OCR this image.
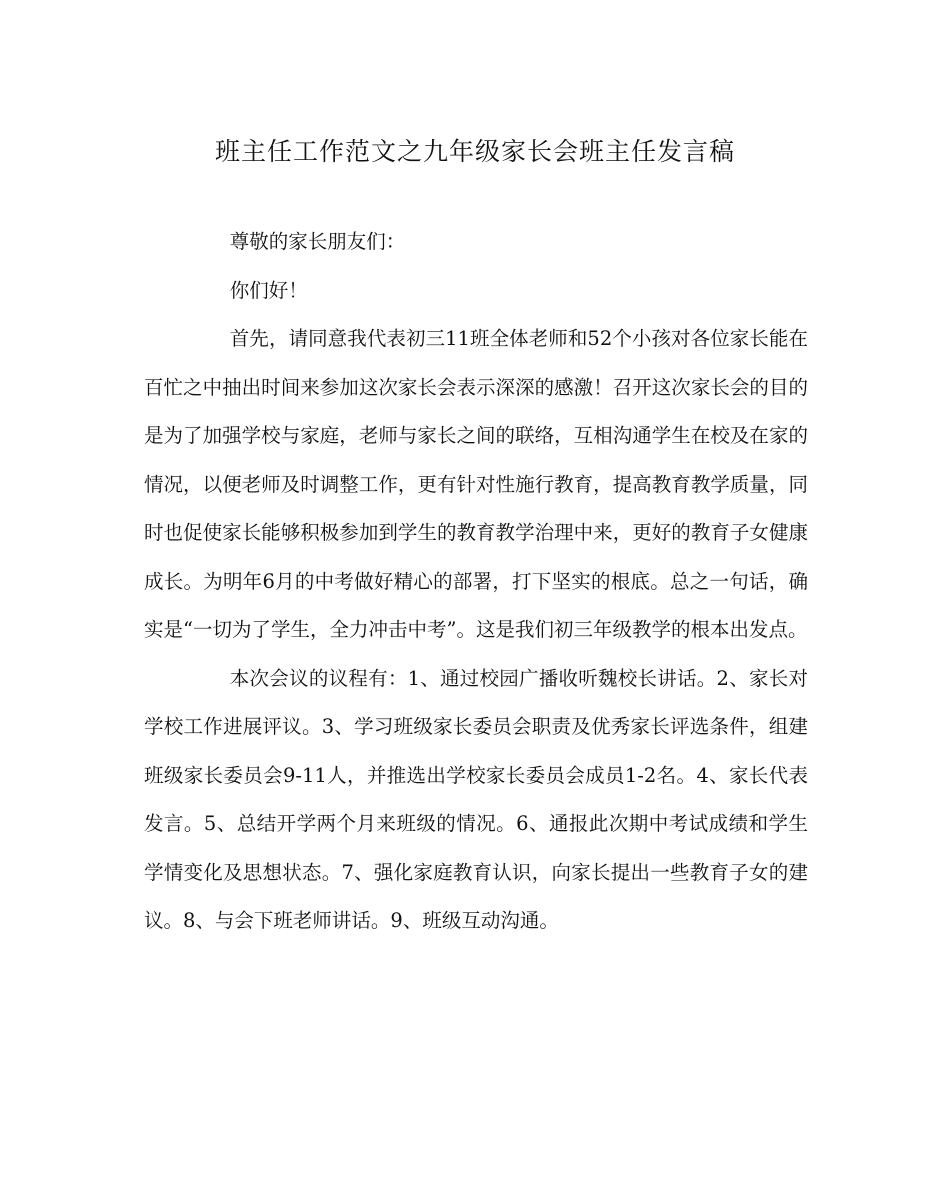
班主任工作范文之九年级家长会班主任发言稿

尊敬的家长朋友们：

你们好！

首先，请同意我代表初三11班全体老师和52个小孩对各位家长能在百忙之中抽出时间来参加这次家长会表示深深的感激！召开这次家长会的目的是为了加强学校与家庭，老师与家长之间的联络，互相沟通学生在校及在家的情况，以便老师及时调整工作，更有针对性施行教育，提高教育教学质量，同时也促使家长能够积极参加到学生的教育教学治理中来，更好的教育子女健康成长。为明年6月的中考做好精心的部署，打下坚实的根底。总之一句话，确实是“一切为了学生，全力冲击中考”。这是我们初三年级教学的根本出发点。

本次会议的议程有：1、通过校园广播收听魏校长讲话。2、家长对学校工作进展评议。3、学习班级家长委员会职责及优秀家长评选条件，组建班级家长委员会9-11人，并推选出学校家长委员会成员1-2名。4、家长代表发言。5、总结开学两个月来班级的情况。6、通报此次期中考试成绩和学生学情变化及思想状态。7、强化家庭教育认识，向家长提出一些教育子女的建议。8、与会下班老师讲话。9、班级互动沟通。
